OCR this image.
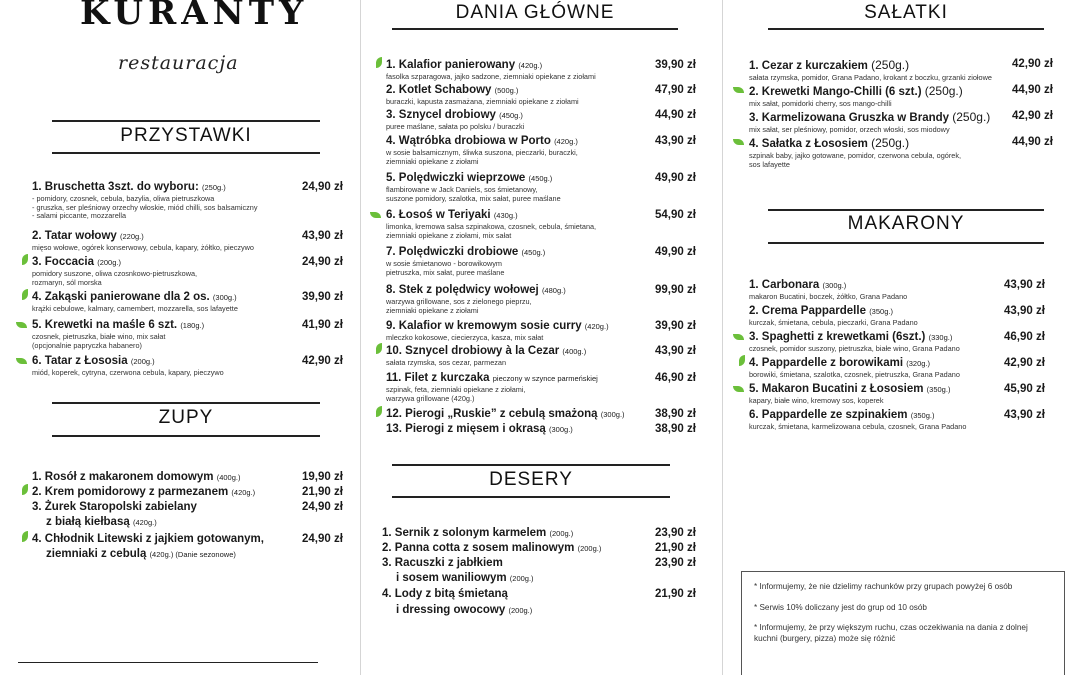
KURANTY
restauracja
PRZYSTAWKI
1. Bruschetta 3szt. do wyboru: (250g.)
- pomidory, czosnek, cebula, bazylia, oliwa pietruszkowa
- gruszka, ser pleśniowy orzechy włoskie, miód chilli, sos balsamiczny
- salami piccante, mozzarella
24,90 zł
2. Tatar wołowy (220g.)
mięso wołowe, ogórek konserwowy, cebula, kapary, żółtko, pieczywo
43,90 zł
3. Foccacia (200g.)
pomidory suszone, oliwa czosnkowo-pietruszkowa,
rozmaryn, sól morska
24,90 zł
4. Zakąski panierowane dla 2 os. (300g.)
krążki cebulowe, kalmary, camembert, mozzarella, sos lafayette
39,90 zł
5. Krewetki na maśle 6 szt. (180g.)
czosnek, pietruszka, białe wino, mix sałat
(opcjonalnie papryczka habanero)
41,90 zł
6. Tatar z Łososia (200g.)
miód, koperek, cytryna, czerwona cebula, kapary, pieczywo
42,90 zł
ZUPY
1. Rosół z makaronem domowym (400g.)	19,90 zł
2. Krem pomidorowy z parmezanem (420g.)	21,90 zł
3. Żurek Staropolski zabielany	24,90 zł
z białą kiełbasą (420g.)
4. Chłodnik Litewski z jajkiem gotowanym,	24,90 zł
ziemniaki z cebulą (420g.) (Danie sezonowe)
DANIA GŁÓWNE
1. Kalafior panierowany (420g.)
fasolka szparagowa, jajko sadzone, ziemniaki opiekane z ziołami
39,90 zł
2. Kotlet Schabowy (500g.)
buraczki, kapusta zasmażana, ziemniaki opiekane z ziołami
47,90 zł
3. Sznycel drobiowy (450g.)
puree maślane, sałata po polsku / buraczki
44,90 zł
4. Wątróbka drobiowa w Porto (420g.)
w sosie balsamicznym, śliwka suszona, pieczarki, buraczki,
ziemniaki opiekane z ziołami
43,90 zł
5. Polędwiczki wieprzowe (450g.)
flambirowane w Jack Daniels, sos śmietanowy,
suszone pomidory, szalotka, mix sałat, puree maślane
49,90 zł
6. Łosoś w Teriyaki (430g.)
limonka, kremowa salsa szpinakowa, czosnek, cebula, śmietana,
ziemniaki opiekane z ziołami, mix sałat
54,90 zł
7. Polędwiczki drobiowe (450g.)
w sosie śmietanowo - borowikowym
pietruszka, mix sałat, puree maślane
49,90 zł
8. Stek z polędwicy wołowej (480g.)
warzywa grillowane, sos z zielonego pieprzu,
ziemniaki opiekane z ziołami
99,90 zł
9. Kalafior w kremowym sosie curry (420g.)
mleczko kokosowe, ciecierzyca, kasza, mix sałat
39,90 zł
10. Sznycel drobiowy à la Cezar (400g.)
sałata rzymska, sos cezar, parmezan
43,90 zł
11. Filet z kurczaka pieczony w szynce parmeńskiej
szpinak, feta, ziemniaki opiekane z ziołami,
warzywa grillowane (420g.)
46,90 zł
12. Pierogi „Ruskie” z cebulą smażoną (300g.)	38,90 zł
13. Pierogi z mięsem i okrasą (300g.)	38,90 zł
DESERY
1. Sernik z solonym karmelem (200g.)	23,90 zł
2. Panna cotta z sosem malinowym (200g.)	21,90 zł
3. Racuszki z jabłkiem	23,90 zł
i sosem waniliowym (200g.)
4. Lody z bitą śmietaną	21,90 zł
i dressing owocowy (200g.)
SAŁATKI
1. Cezar z kurczakiem (250g.)
sałata rzymska, pomidor, Grana Padano, krokant z boczku, grzanki ziołowe
42,90 zł
2. Krewetki Mango-Chilli (6 szt.) (250g.)
mix sałat, pomidorki cherry, sos mango-chilli
44,90 zł
3. Karmelizowana Gruszka w Brandy (250g.)
mix sałat, ser pleśniowy, pomidor, orzech włoski, sos miodowy
42,90 zł
4. Sałatka z Łososiem (250g.)
szpinak baby, jajko gotowane, pomidor, czerwona cebula, ogórek,
sos lafayette
44,90 zł
MAKARONY
1. Carbonara (300g.)
makaron Bucatini, boczek, żółtko, Grana Padano
43,90 zł
2. Crema Pappardelle (350g.)
kurczak, śmietana, cebula, pieczarki, Grana Padano
43,90 zł
3. Spaghetti z krewetkami (6szt.) (330g.)
czosnek, pomidor suszony, pietruszka, białe wino, Grana Padano
46,90 zł
4. Pappardelle z borowikami (320g.)
borowiki, śmietana, szalotka, czosnek, pietruszka, Grana Padano
42,90 zł
5. Makaron Bucatini z Łososiem (350g.)
kapary, białe wino, kremowy sos, koperek
45,90 zł
6. Pappardelle ze szpinakiem (350g.)
kurczak, śmietana, karmelizowana cebula, czosnek, Grana Padano
43,90 zł

* Informujemy, że nie dzielimy rachunków przy grupach powyżej 6 osób

* Serwis 10% doliczany jest do grup od 10 osób

* Informujemy, że przy większym ruchu, czas oczekiwania na dania z dolnej kuchni (burgery, pizza) może się różnić
